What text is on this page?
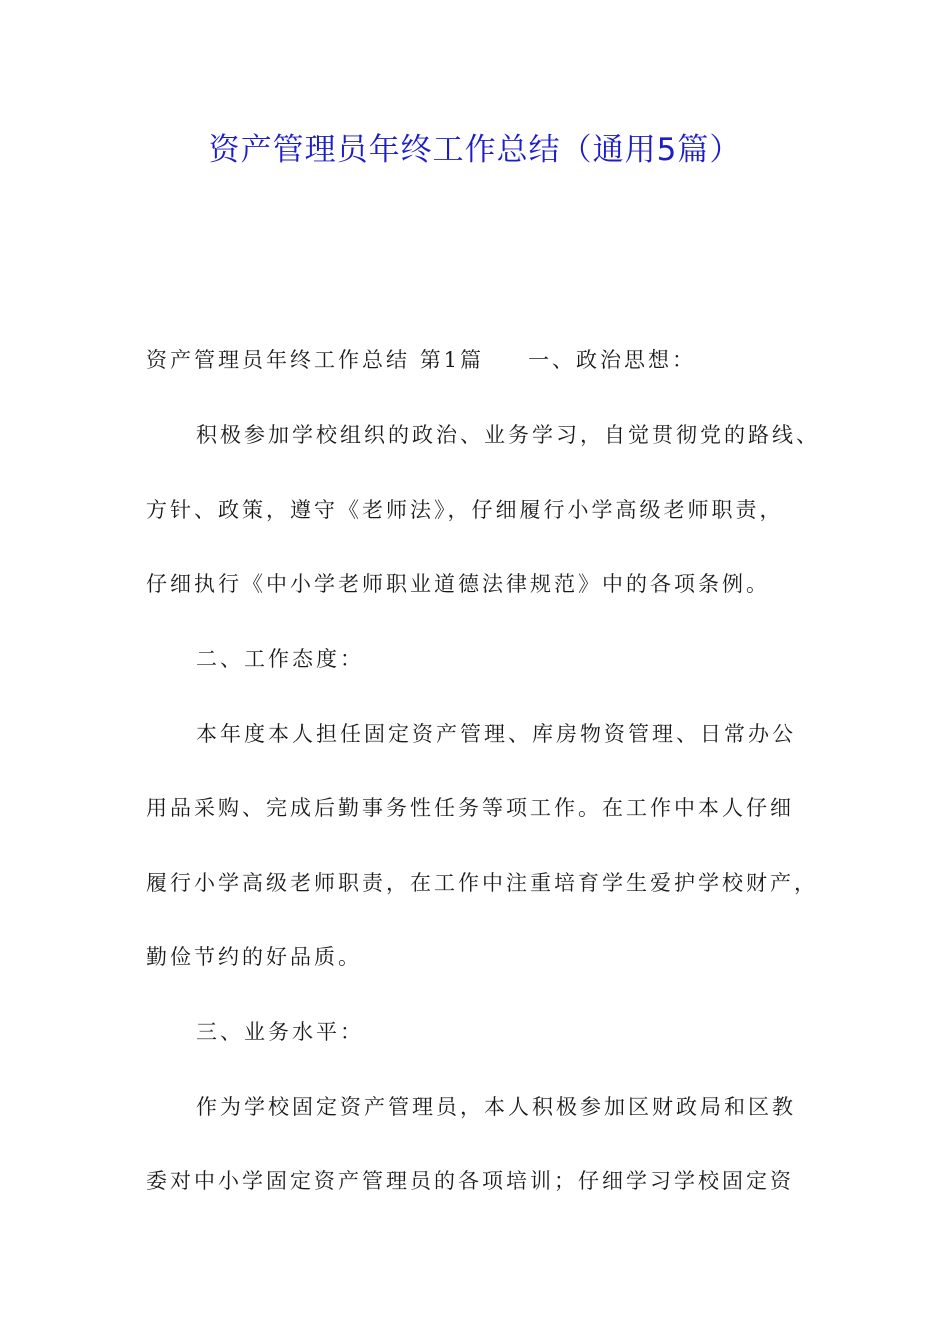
资产管理员年终工作总结（通用5篇）

资产管理员年终工作总结 第1篇 一、政治思想：

积极参加学校组织的政治、业务学习，自觉贯彻党的路线、

方针、政策，遵守《老师法》，仔细履行小学高级老师职责，

仔细执行《中小学老师职业道德法律规范》中的各项条例。

二、工作态度：

本年度本人担任固定资产管理、库房物资管理、日常办公

用品采购、完成后勤事务性任务等项工作。在工作中本人仔细

履行小学高级老师职责，在工作中注重培育学生爱护学校财产，

勤俭节约的好品质。

三、业务水平：

作为学校固定资产管理员，本人积极参加区财政局和区教

委对中小学固定资产管理员的各项培训；仔细学习学校固定资
